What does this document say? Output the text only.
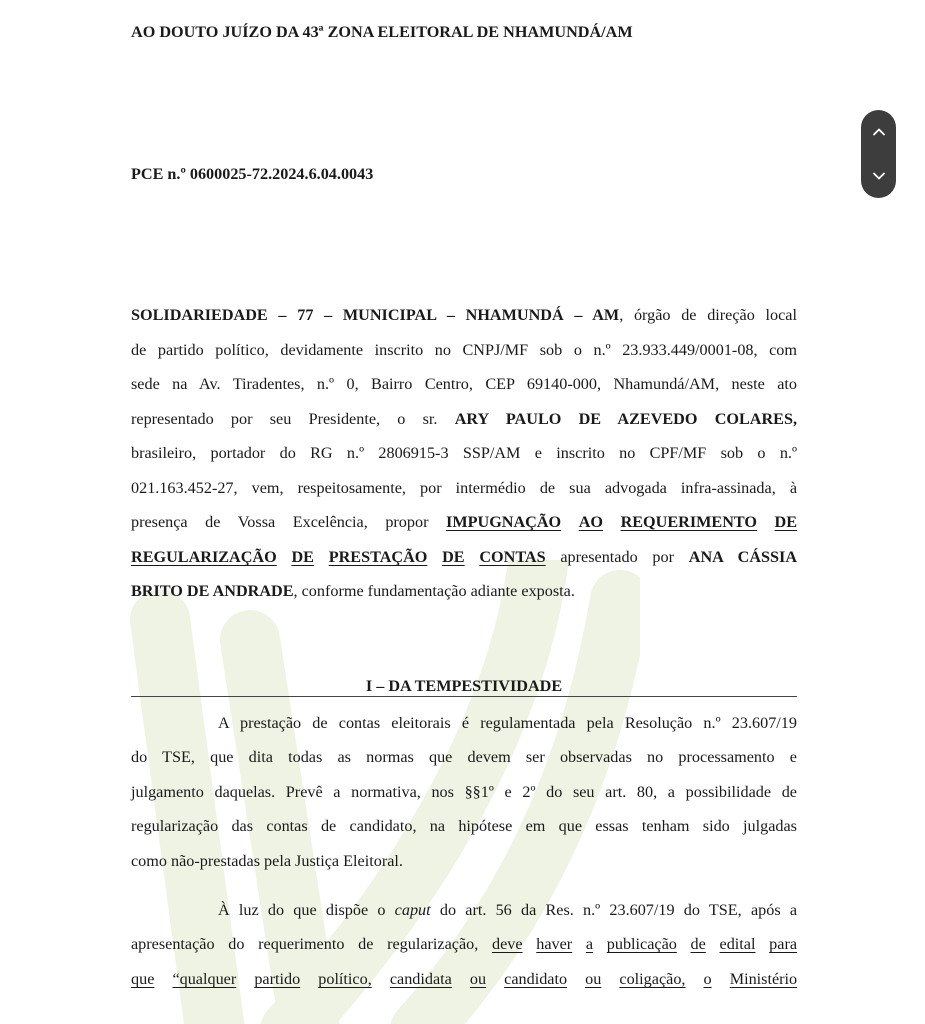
AO DOUTO JUÍZO DA 43ª ZONA ELEITORAL DE NHAMUNDÁ/AM
PCE n.º 0600025-72.2024.6.04.0043
SOLIDARIEDADE – 77 – MUNICIPAL – NHAMUNDÁ – AM, órgão de direção local
de partido político, devidamente inscrito no CNPJ/MF sob o n.º 23.933.449/0001-08, com
sede na Av. Tiradentes, n.º 0, Bairro Centro, CEP 69140-000, Nhamundá/AM, neste ato
representado por seu Presidente, o sr. ARY PAULO DE AZEVEDO COLARES,
brasileiro, portador do RG n.º 2806915-3 SSP/AM e inscrito no CPF/MF sob o n.º
021.163.452-27, vem, respeitosamente, por intermédio de sua advogada infra-assinada, à
presença de Vossa Excelência, propor IMPUGNAÇÃO AO REQUERIMENTO DE
REGULARIZAÇÃO DE PRESTAÇÃO DE CONTAS apresentado por ANA CÁSSIA
BRITO DE ANDRADE, conforme fundamentação adiante exposta.
I – DA TEMPESTIVIDADE
A prestação de contas eleitorais é regulamentada pela Resolução n.º 23.607/19
do TSE, que dita todas as normas que devem ser observadas no processamento e
julgamento daquelas. Prevê a normativa, nos §§1º e 2º do seu art. 80, a possibilidade de
regularização das contas de candidato, na hipótese em que essas tenham sido julgadas
como não-prestadas pela Justiça Eleitoral.
À luz do que dispõe o caput do art. 56 da Res. n.º 23.607/19 do TSE, após a
apresentação do requerimento de regularização, deve haver a publicação de edital para
que “qualquer partido político, candidata ou candidato ou coligação, o Ministério
